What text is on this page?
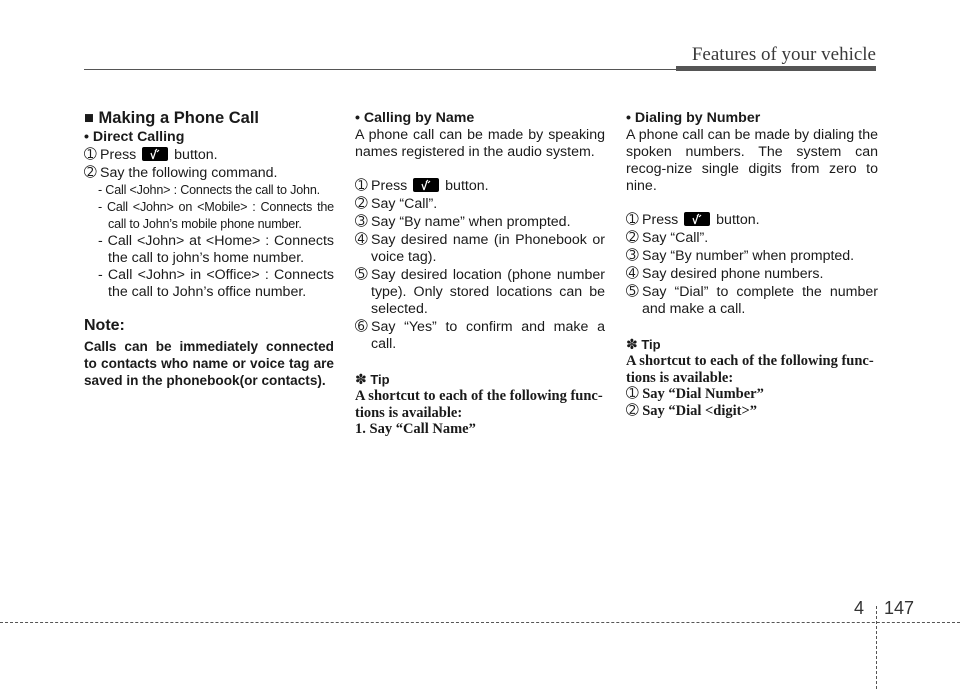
Features of your vehicle
■ Making a Phone Call
• Direct Calling
➀ Press
button.
➁ Say the following command.
- Call <John> : Connects the call to John.
- Call <John> on <Mobile> : Connects the call to John’s mobile phone number.
- Call <John> at <Home> : Connects the call to john’s home number.
- Call <John> in <Office> : Connects the call to John’s office number.
Note:
Calls can be immediately connected to contacts who name or voice tag are saved in the phonebook(or contacts).
• Calling by Name
A phone call can be made by speaking names registered in the audio system.
➀ Press
button.
➁ Say “Call”.
➂ Say “By name” when prompted.
➃ Say desired name (in Phonebook or voice tag).
➄ Say desired location (phone number type). Only stored locations can be selected.
➅ Say “Yes” to confirm and make a call.
✽ Tip
A shortcut to each of the following func-
tions is available:
1. Say “Call Name”
• Dialing by Number
A phone call can be made by dialing the spoken numbers. The system can recog-nize single digits from zero to nine.
➀ Press
button.
➁ Say “Call”.
➂ Say “By number” when prompted.
➃ Say desired phone numbers.
➄ Say “Dial” to complete the number and make a call.
✽ Tip
A shortcut to each of the following func-
tions is available:
➀ Say “Dial Number”
➁ Say “Dial <digit>”
4 147
